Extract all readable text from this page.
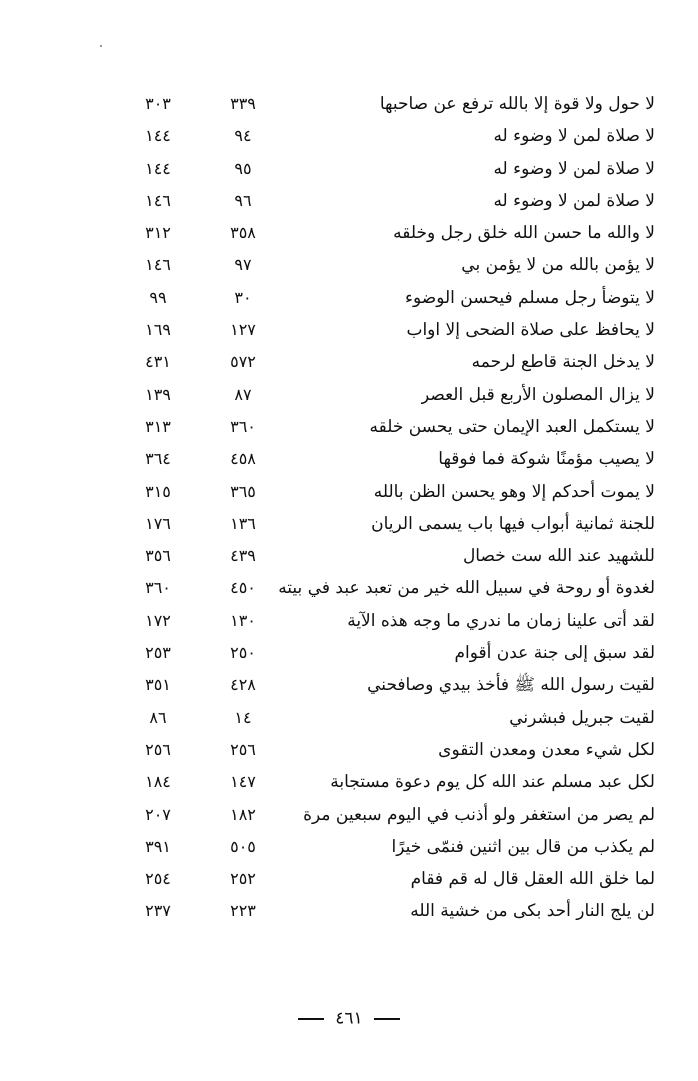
لا حول ولا قوة إلا بالله ترفع عن صاحبها
٣٣٩
٣٠٣
لا صلاة لمن لا وضوء له
٩٤
١٤٤
لا صلاة لمن لا وضوء له
٩٥
١٤٤
لا صلاة لمن لا وضوء له
٩٦
١٤٦
لا والله ما حسن الله خلق رجل وخلقه
٣٥٨
٣١٢
لا يؤمن بالله من لا يؤمن بي
٩٧
١٤٦
لا يتوضأ رجل مسلم فيحسن الوضوء
٣٠
٩٩
لا يحافظ على صلاة الضحى إلا اواب
١٢٧
١٦٩
لا يدخل الجنة قاطع لرحمه
٥٧٢
٤٣١
لا يزال المصلون الأربع قبل العصر
٨٧
١٣٩
لا يستكمل العبد الإيمان حتى يحسن خلقه
٣٦٠
٣١٣
لا يصيب مؤمنًا شوكة فما فوقها
٤٥٨
٣٦٤
لا يموت أحدكم إلا وهو يحسن الظن بالله
٣٦٥
٣١٥
للجنة ثمانية أبواب فيها باب يسمى الريان
١٣٦
١٧٦
للشهيد عند الله ست خصال
٤٣٩
٣٥٦
لغدوة أو روحة في سبيل الله خير من تعبد عبد في بيته
٤٥٠
٣٦٠
لقد أتى علينا زمان ما ندري ما وجه هذه الآية
١٣٠
١٧٢
لقد سبق إلى جنة عدن أقوام
٢٥٠
٢٥٣
لقيت رسول الله ﷺ فأخذ بيدي وصافحني
٤٢٨
٣٥١
لقيت جبريل فبشرني
١٤
٨٦
لكل شيء معدن ومعدن التقوى
٢٥٦
٢٥٦
لكل عبد مسلم عند الله كل يوم دعوة مستجابة
١٤٧
١٨٤
لم يصر من استغفر ولو أذنب في اليوم سبعين مرة
١٨٢
٢٠٧
لم يكذب من قال بين اثنين فنمّى خيرًا
٥٠٥
٣٩١
لما خلق الله العقل قال له قم فقام
٢٥٢
٢٥٤
لن يلج النار أحد بكى من خشية الله
٢٢٣
٢٣٧
٤٦١
